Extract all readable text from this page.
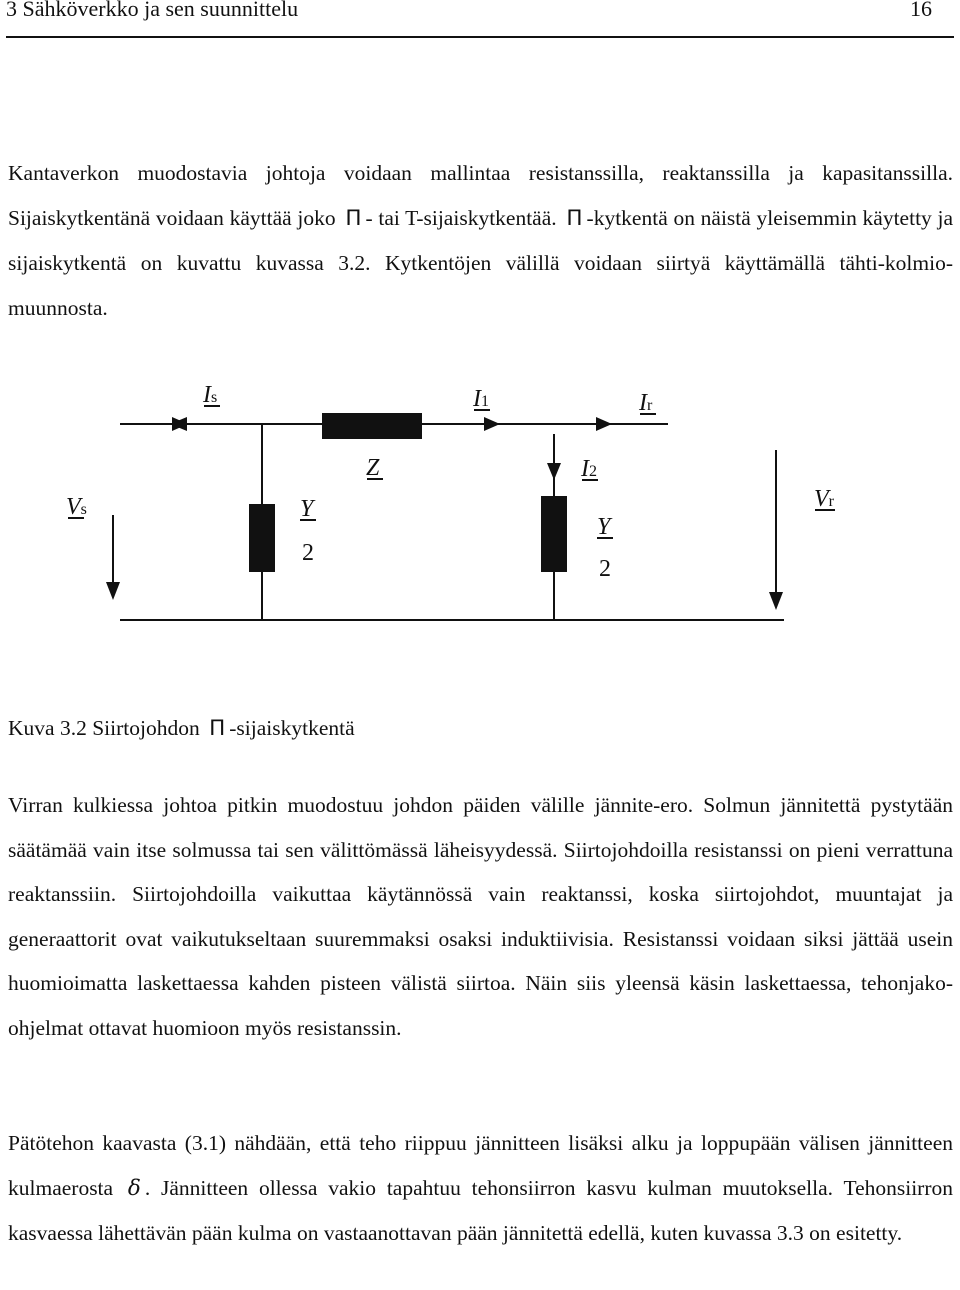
3 Sähköverkko ja sen suunnittelu	16

Kantaverkon muodostavia johtoja voidaan mallintaa resistanssilla, reaktanssilla ja kapasitanssilla. Sijaiskytkentänä voidaan käyttää joko Π - tai T-sijaiskytkentää. Π -kytkentä on näistä yleisemmin käytetty ja sijaiskytkentä on kuvattu kuvassa 3.2. Kytkentöjen välillä voidaan siirtyä käyttämällä tähti-kolmio-muunnosta.

Is	I1	Ir
I2
Vs	Vr
Z
Y
2
Y
2

Kuva 3.2 Siirtojohdon Π -sijaiskytkentä

Virran kulkiessa johtoa pitkin muodostuu johdon päiden välille jännite-ero. Solmun jännitettä pystytään säätämää vain itse solmussa tai sen välittömässä läheisyydessä. Siirtojohdoilla resistanssi on pieni verrattuna reaktanssiin. Siirtojohdoilla vaikuttaa käytännössä vain reaktanssi, koska siirtojohdot, muuntajat ja generaattorit ovat vaikutukseltaan suuremmaksi osaksi induktiivisia. Resistanssi voidaan siksi jättää usein huomioimatta laskettaessa kahden pisteen välistä siirtoa. Näin siis yleensä käsin laskettaessa, tehonjako-ohjelmat ottavat huomioon myös resistanssin.

Pätötehon kaavasta (3.1) nähdään, että teho riippuu jännitteen lisäksi alku ja loppupään välisen jännitteen kulmaerosta δ . Jännitteen ollessa vakio tapahtuu tehonsiirron kasvu kulman muutoksella. Tehonsiirron kasvaessa lähettävän pään kulma on vastaanottavan pään jännitettä edellä, kuten kuvassa 3.3 on esitetty.
